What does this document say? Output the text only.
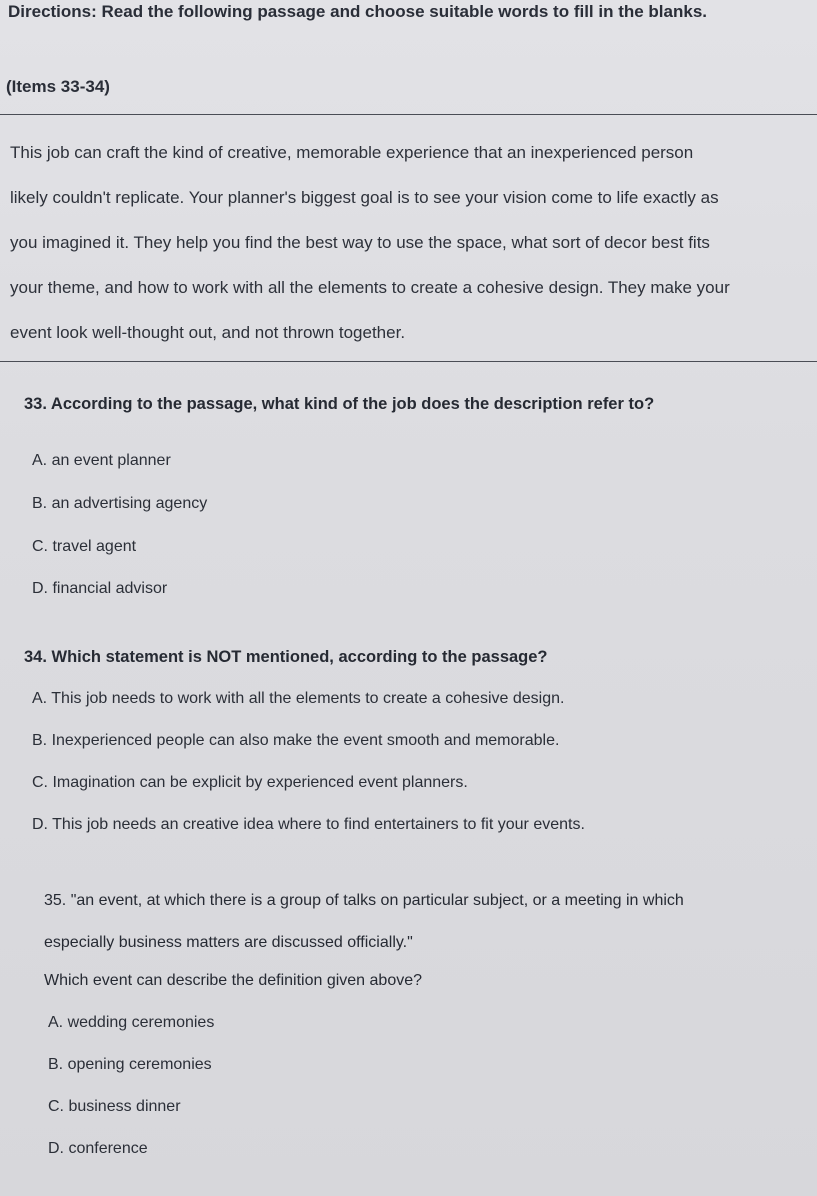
Directions: Read the following passage and choose suitable words to fill in the blanks.
(Items 33-34)

This job can craft the kind of creative, memorable experience that an inexperienced person
likely couldn't replicate. Your planner's biggest goal is to see your vision come to life exactly as
you imagined it. They help you find the best way to use the space, what sort of decor best fits
your theme, and how to work with all the elements to create a cohesive design. They make your
event look well-thought out, and not thrown together.

33. According to the passage, what kind of the job does the description refer to?
A. an event planner
B. an advertising agency
C. travel agent
D. financial advisor
34. Which statement is NOT mentioned, according to the passage?
A. This job needs to work with all the elements to create a cohesive design.
B. Inexperienced people can also make the event smooth and memorable.
C. Imagination can be explicit by experienced event planners.
D. This job needs an creative idea where to find entertainers to fit your events.
35. "an event, at which there is a group of talks on particular subject, or a meeting in which
especially business matters are discussed officially."
Which event can describe the definition given above?
A. wedding ceremonies
B. opening ceremonies
C. business dinner
D. conference
